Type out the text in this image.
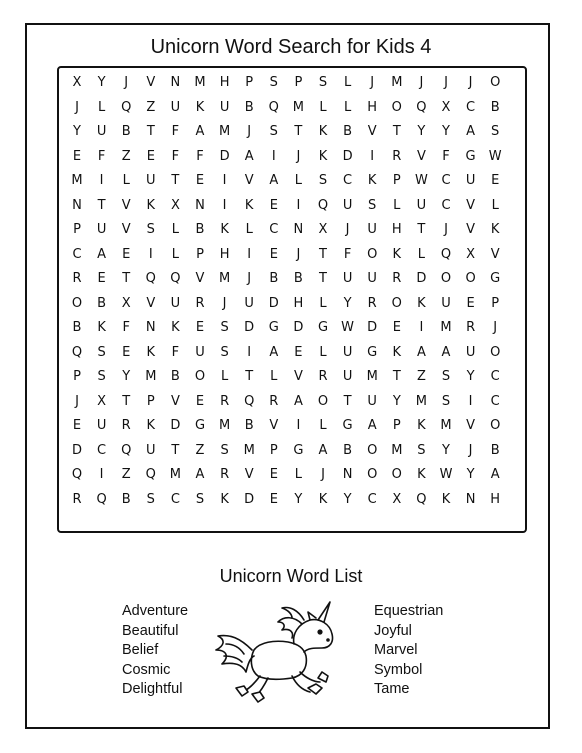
Unicorn Word Search for Kids 4
X	Y	J	V	N	M	H	P	S	P	S	L	J	M	J	J	J	O
J	L	Q	Z	U	K	U	B	Q	M	L	L	H	O	Q	X	C	B
Y	U	B	T	F	A	M	J	S	T	K	B	V	T	Y	Y	A	S
E	F	Z	E	F	F	D	A	I	J	K	D	I	R	V	F	G	W
M	I	L	U	T	E	I	V	A	L	S	C	K	P	W	C	U	E
N	T	V	K	X	N	I	K	E	I	Q	U	S	L	U	C	V	L
P	U	V	S	L	B	K	L	C	N	X	J	U	H	T	J	V	K
C	A	E	I	L	P	H	I	E	J	T	F	O	K	L	Q	X	V
R	E	T	Q	Q	V	M	J	B	B	T	U	U	R	D	O	O	G
O	B	X	V	U	R	J	U	D	H	L	Y	R	O	K	U	E	P
B	K	F	N	K	E	S	D	G	D	G	W	D	E	I	M	R	J
Q	S	E	K	F	U	S	I	A	E	L	U	G	K	A	A	U	O
P	S	Y	M	B	O	L	T	L	V	R	U	M	T	Z	S	Y	C
J	X	T	P	V	E	R	Q	R	A	O	T	U	Y	M	S	I	C
E	U	R	K	D	G	M	B	V	I	L	G	A	P	K	M	V	O
D	C	Q	U	T	Z	S	M	P	G	A	B	O	M	S	Y	J	B
Q	I	Z	Q	M	A	R	V	E	L	J	N	O	O	K	W	Y	A
R	Q	B	S	C	S	K	D	E	Y	K	Y	C	X	Q	K	N	H
Unicorn Word List
Adventure
Beautiful
Belief
Cosmic
Delightful
Equestrian
Joyful
Marvel
Symbol
Tame
